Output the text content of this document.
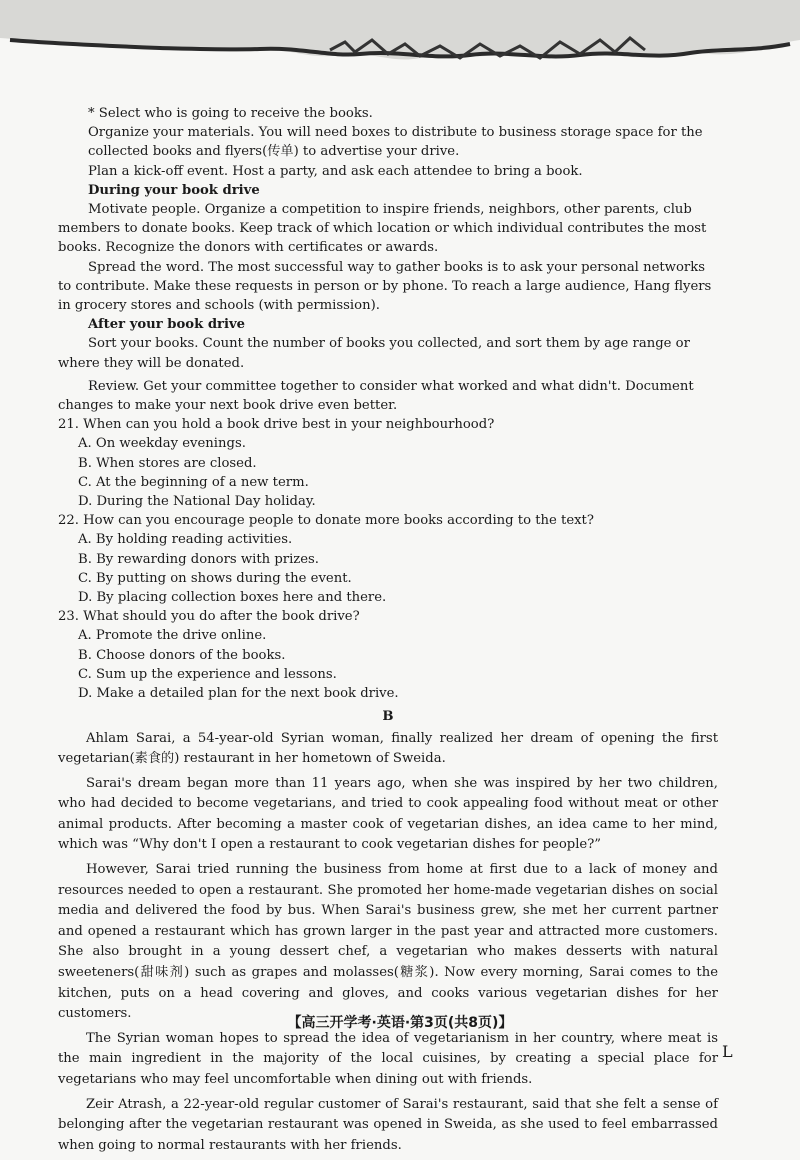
* Select who is going to receive the books.

Organize your materials. You will need boxes to distribute to business storage space for the collected books and flyers(传单) to advertise your drive.

Plan a kick-off event. Host a party, and ask each attendee to bring a book.

During your book drive

Motivate people. Organize a competition to inspire friends, neighbors, other parents, club members to donate books. Keep track of which location or which individual contributes the most books. Recognize the donors with certificates or awards.

Spread the word. The most successful way to gather books is to ask your personal networks to contribute. Make these requests in person or by phone. To reach a large audience, Hang flyers in grocery stores and schools (with permission).

After your book drive

Sort your books. Count the number of books you collected, and sort them by age range or where they will be donated.

Review. Get your committee together to consider what worked and what didn't. Document changes to make your next book drive even better.

21. When can you hold a book drive best in your neighbourhood?

A. On weekday evenings.

B. When stores are closed.

C. At the beginning of a new term.

D. During the National Day holiday.

22. How can you encourage people to donate more books according to the text?

A. By holding reading activities.

B. By rewarding donors with prizes.

C. By putting on shows during the event.

D. By placing collection boxes here and there.

23. What should you do after the book drive?

A. Promote the drive online.

B. Choose donors of the books.

C. Sum up the experience and lessons.

D. Make a detailed plan for the next book drive.

B

Ahlam Sarai, a 54-year-old Syrian woman, finally realized her dream of opening the first vegetarian(素食的) restaurant in her hometown of Sweida.

Sarai's dream began more than 11 years ago, when she was inspired by her two children, who had decided to become vegetarians, and tried to cook appealing food without meat or other animal products. After becoming a master cook of vegetarian dishes, an idea came to her mind, which was “Why don't I open a restaurant to cook vegetarian dishes for people?”

However, Sarai tried running the business from home at first due to a lack of money and resources needed to open a restaurant. She promoted her home-made vegetarian dishes on social media and delivered the food by bus. When Sarai's business grew, she met her current partner and opened a restaurant which has grown larger in the past year and attracted more customers. She also brought in a young dessert chef, a vegetarian who makes desserts with natural sweeteners(甜味剂) such as grapes and molasses(糖浆). Now every morning, Sarai comes to the kitchen, puts on a head covering and gloves, and cooks various vegetarian dishes for her customers.

The Syrian woman hopes to spread the idea of vegetarianism in her country, where meat is the main ingredient in the majority of the local cuisines, by creating a special place for vegetarians who may feel uncomfortable when dining out with friends.

Zeir Atrash, a 22-year-old regular customer of Sarai's restaurant, said that she felt a sense of belonging after the vegetarian restaurant was opened in Sweida, as she used to feel embarrassed when going to normal restaurants with her friends.

【高三开学考·英语·第3页(共8页)】
L
